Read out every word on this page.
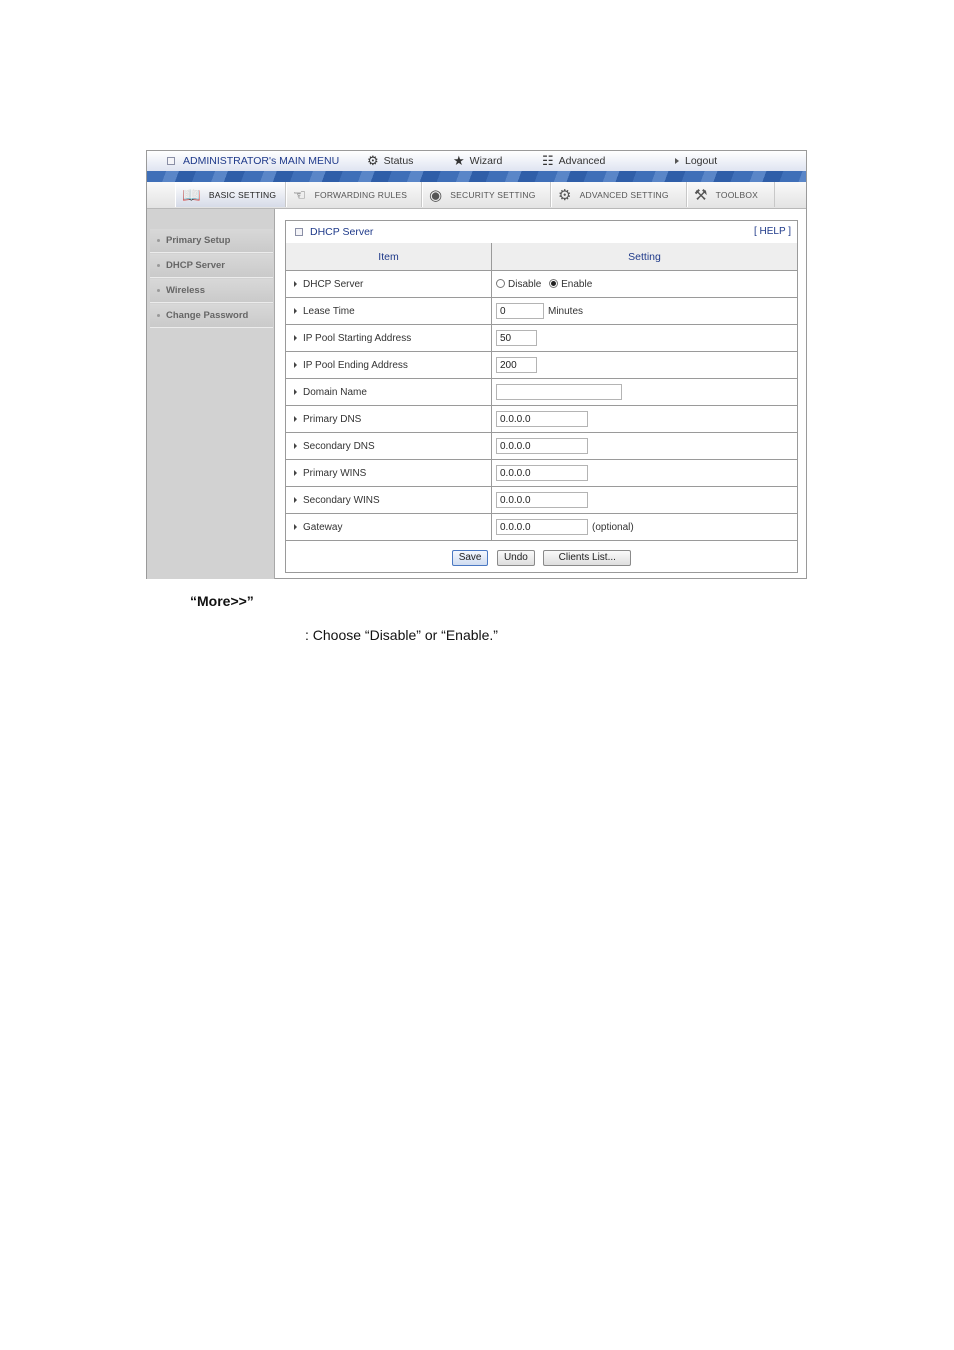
ADMINISTRATOR's MAIN MENU ⚙ Status	★ Wizard	☷ Advanced	Logout
📖 BASIC SETTING ☜ FORWARDING RULES ◉ SECURITY SETTING ⚙ ADVANCED SETTING ⚒ TOOLBOX
Primary Setup
DHCP Server
Wireless
Change Password
DHCP Server	[ HELP ]
Item	Setting
DHCP Server	Disable Enable
Lease Time	0Minutes
IP Pool Starting Address	50
IP Pool Ending Address	200
Domain Name	
Primary DNS	0.0.0.0
Secondary DNS	0.0.0.0
Primary WINS	0.0.0.0
Secondary WINS	0.0.0.0
Gateway	0.0.0.0(optional)
Save Undo	Clients List...
“More>>”
: Choose “Disable” or “Enable.”
